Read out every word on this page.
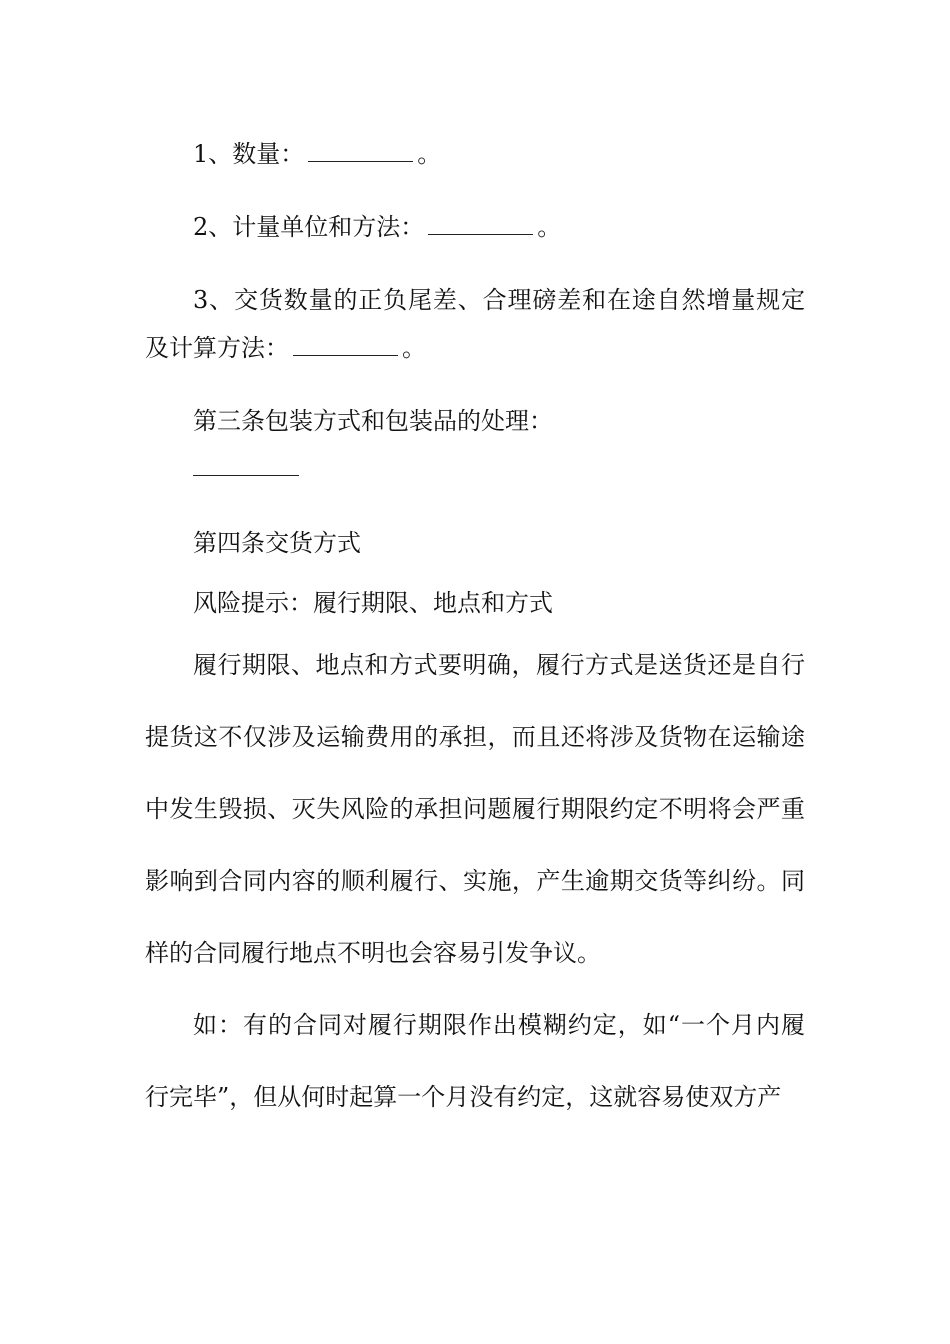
1、数量：	。

2、计量单位和方法：	。

3、交货数量的正负尾差、合理磅差和在途自然增量规定及计算方法：	。

第三条包装方式和包装品的处理：

第四条交货方式

风险提示：履行期限、地点和方式

履行期限、地点和方式要明确，履行方式是送货还是自行提货这不仅涉及运输费用的承担，而且还将涉及货物在运输途中发生毁损、灭失风险的承担问题履行期限约定不明将会严重影响到合同内容的顺利履行、实施，产生逾期交货等纠纷。同样的合同履行地点不明也会容易引发争议。

如：有的合同对履行期限作出模糊约定，如“一个月内履行完毕”，但从何时起算一个月没有约定，这就容易使双方产
